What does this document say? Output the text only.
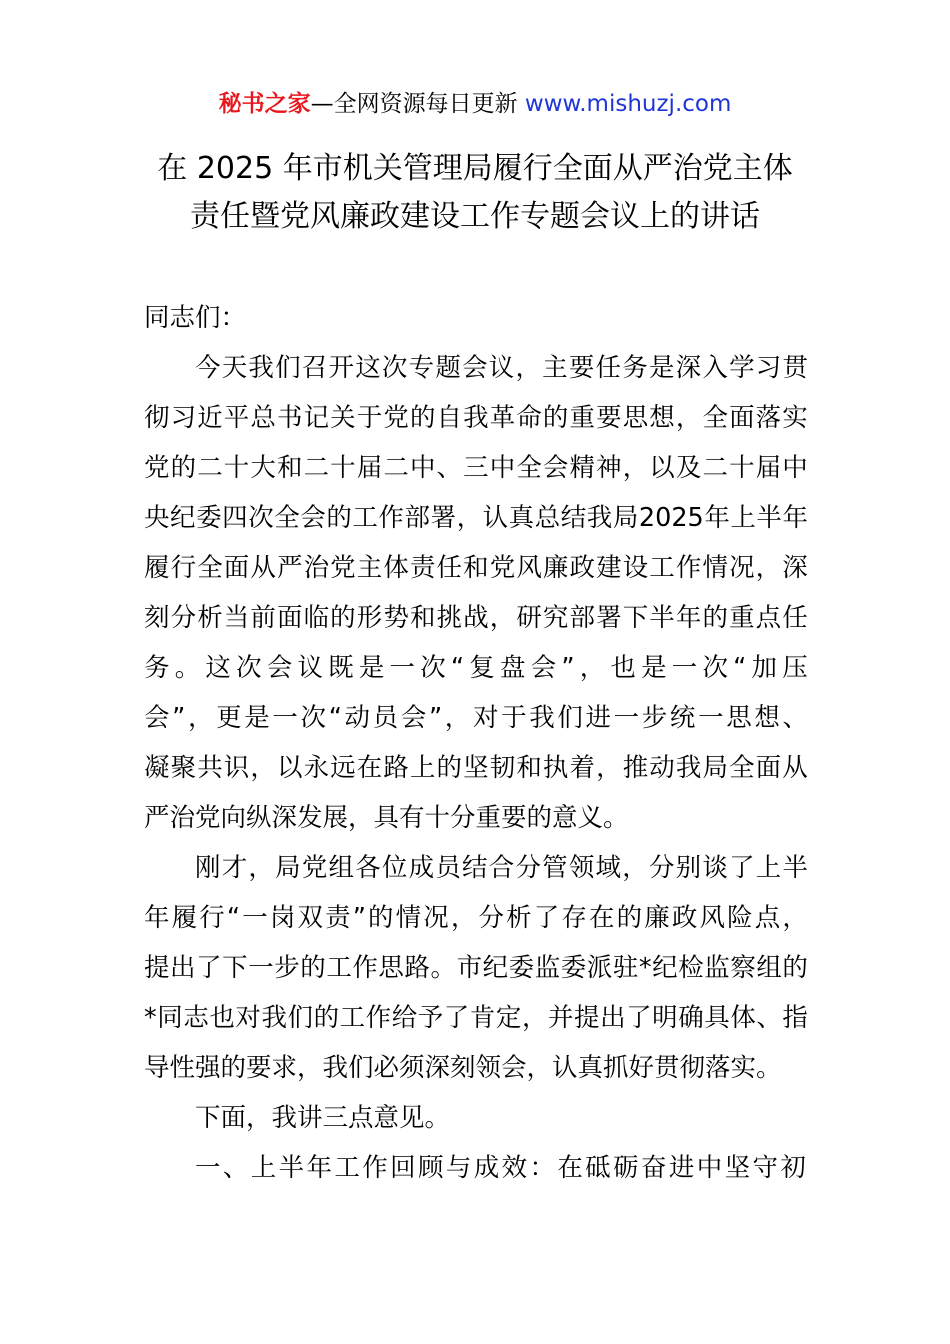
秘书之家—全网资源每日更新 www.mishuzj.com
在 2025 年市机关管理局履行全面从严治党主体
责任暨党风廉政建设工作专题会议上的讲话
同志们：
今 天 我 们 召 开 这 次 专 题 会 议 ， 主 要 任 务 是 深 入 学 习 贯
彻 习 近 平 总 书 记 关 于 党 的 自 我 革 命 的 重 要 思 想 ， 全 面 落 实
党 的 二 十 大 和 二 十 届 二 中 、 三 中 全 会 精 神 ， 以 及 二 十 届 中
央 纪 委 四 次 全 会 的 工 作 部 署 ， 认 真 总 结 我 局 2025 年 上 半 年
履 行 全 面 从 严 治 党 主 体 责 任 和 党 风 廉 政 建 设 工 作 情 况 ， 深
刻 分 析 当 前 面 临 的 形 势 和 挑 战 ， 研 究 部 署 下 半 年 的 重 点 任
务 。 这 次 会 议 既 是 一 次 “ 复 盘 会 ” ， 也 是 一 次 “ 加 压
会 ” ， 更 是 一 次 “ 动 员 会 ” ， 对 于 我 们 进 一 步 统 一 思 想 、
凝 聚 共 识 ， 以 永 远 在 路 上 的 坚 韧 和 执 着 ， 推 动 我 局 全 面 从
严治党向纵深发展，具有十分重要的意义。
刚 才 ， 局 党 组 各 位 成 员 结 合 分 管 领 域 ， 分 别 谈 了 上 半
年 履 行 “ 一 岗 双 责 ” 的 情 况 ， 分 析 了 存 在 的 廉 政 风 险 点 ，
提 出 了 下 一 步 的 工 作 思 路 。 市 纪 委 监 委 派 驻 * 纪 检 监 察 组 的
* 同 志 也 对 我 们 的 工 作 给 予 了 肯 定 ， 并 提 出 了 明 确 具 体 、 指
导性强的要求，我们必须深刻领会，认真抓好贯彻落实。
下面，我讲三点意见。
一 、 上 半 年 工 作 回 顾 与 成 效 ： 在 砥 砺 奋 进 中 坚 守 初
